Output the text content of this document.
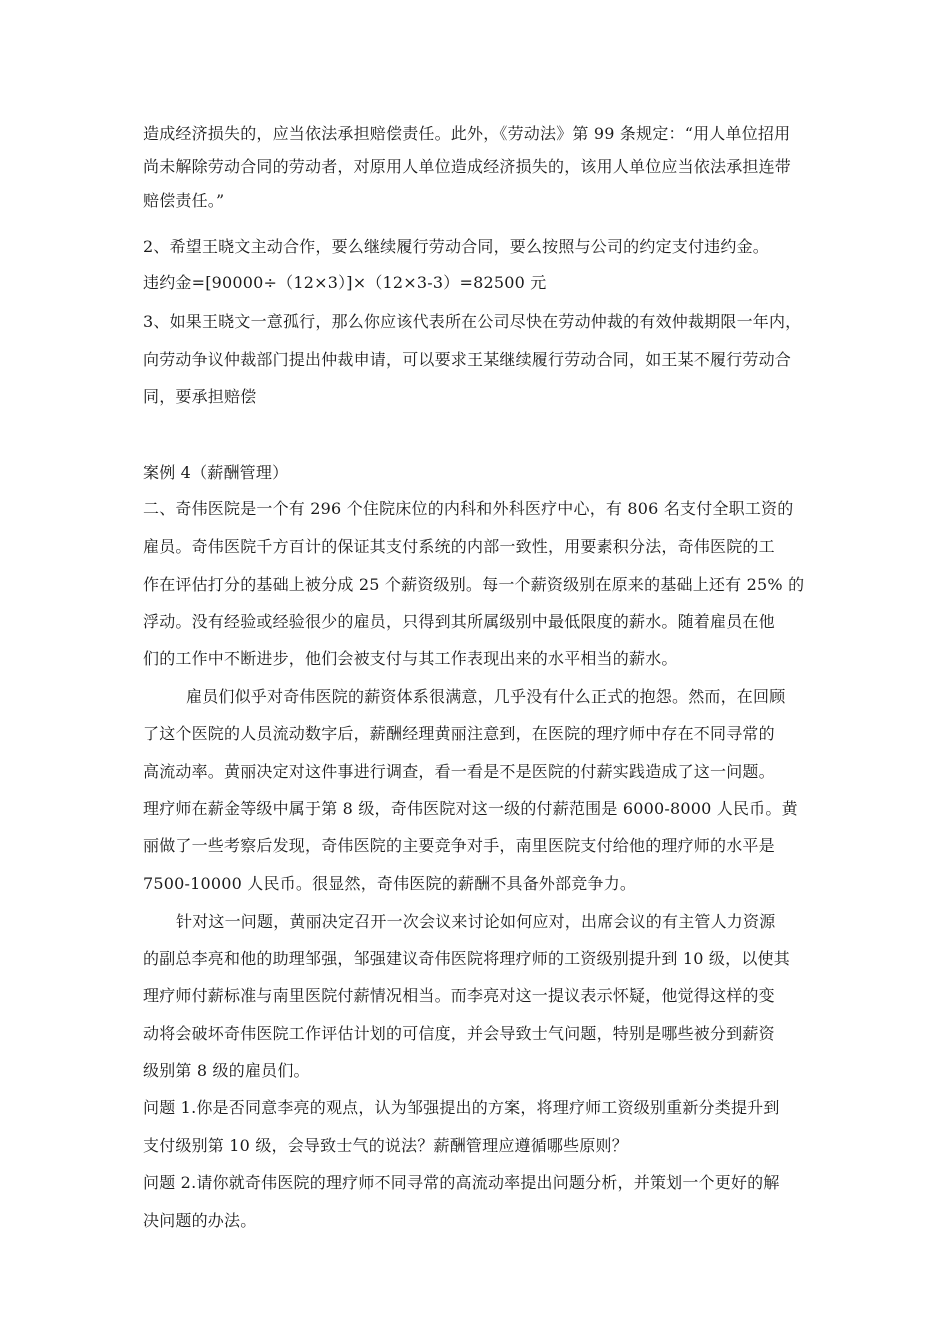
造成经济损失的，应当依法承担赔偿责任。此外，《劳动法》第 99 条规定：“用人单位招用
尚未解除劳动合同的劳动者，对原用人单位造成经济损失的，该用人单位应当依法承担连带
赔偿责任。”
2、希望王晓文主动合作，要么继续履行劳动合同，要么按照与公司的约定支付违约金。
违约金=[90000÷（12×3）]×（12×3-3）=82500 元
3、如果王晓文一意孤行，那么你应该代表所在公司尽快在劳动仲裁的有效仲裁期限一年内，
向劳动争议仲裁部门提出仲裁申请，可以要求王某继续履行劳动合同，如王某不履行劳动合
同，要承担赔偿
案例 4（薪酬管理）
二、奇伟医院是一个有 296 个住院床位的内科和外科医疗中心，有 806 名支付全职工资的
雇员。奇伟医院千方百计的保证其支付系统的内部一致性，用要素积分法，奇伟医院的工
作在评估打分的基础上被分成 25 个薪资级别。每一个薪资级别在原来的基础上还有 25% 的
浮动。没有经验或经验很少的雇员，只得到其所属级别中最低限度的薪水。随着雇员在他
们的工作中不断进步，他们会被支付与其工作表现出来的水平相当的薪水。
雇员们似乎对奇伟医院的薪资体系很满意，几乎没有什么正式的抱怨。然而，在回顾
了这个医院的人员流动数字后，薪酬经理黄丽注意到，在医院的理疗师中存在不同寻常的
高流动率。黄丽决定对这件事进行调查，看一看是不是医院的付薪实践造成了这一问题。
理疗师在薪金等级中属于第 8 级，奇伟医院对这一级的付薪范围是 6000-8000 人民币。黄
丽做了一些考察后发现，奇伟医院的主要竞争对手，南里医院支付给他的理疗师的水平是
7500-10000 人民币。很显然，奇伟医院的薪酬不具备外部竞争力。
针对这一问题，黄丽决定召开一次会议来讨论如何应对，出席会议的有主管人力资源
的副总李亮和他的助理邹强，邹强建议奇伟医院将理疗师的工资级别提升到 10 级，以使其
理疗师付薪标准与南里医院付薪情况相当。而李亮对这一提议表示怀疑，他觉得这样的变
动将会破坏奇伟医院工作评估计划的可信度，并会导致士气问题，特别是哪些被分到薪资
级别第 8 级的雇员们。
问题 1.你是否同意李亮的观点，认为邹强提出的方案，将理疗师工资级别重新分类提升到
支付级别第 10 级，会导致士气的说法？薪酬管理应遵循哪些原则？
问题 2.请你就奇伟医院的理疗师不同寻常的高流动率提出问题分析，并策划一个更好的解
决问题的办法。
